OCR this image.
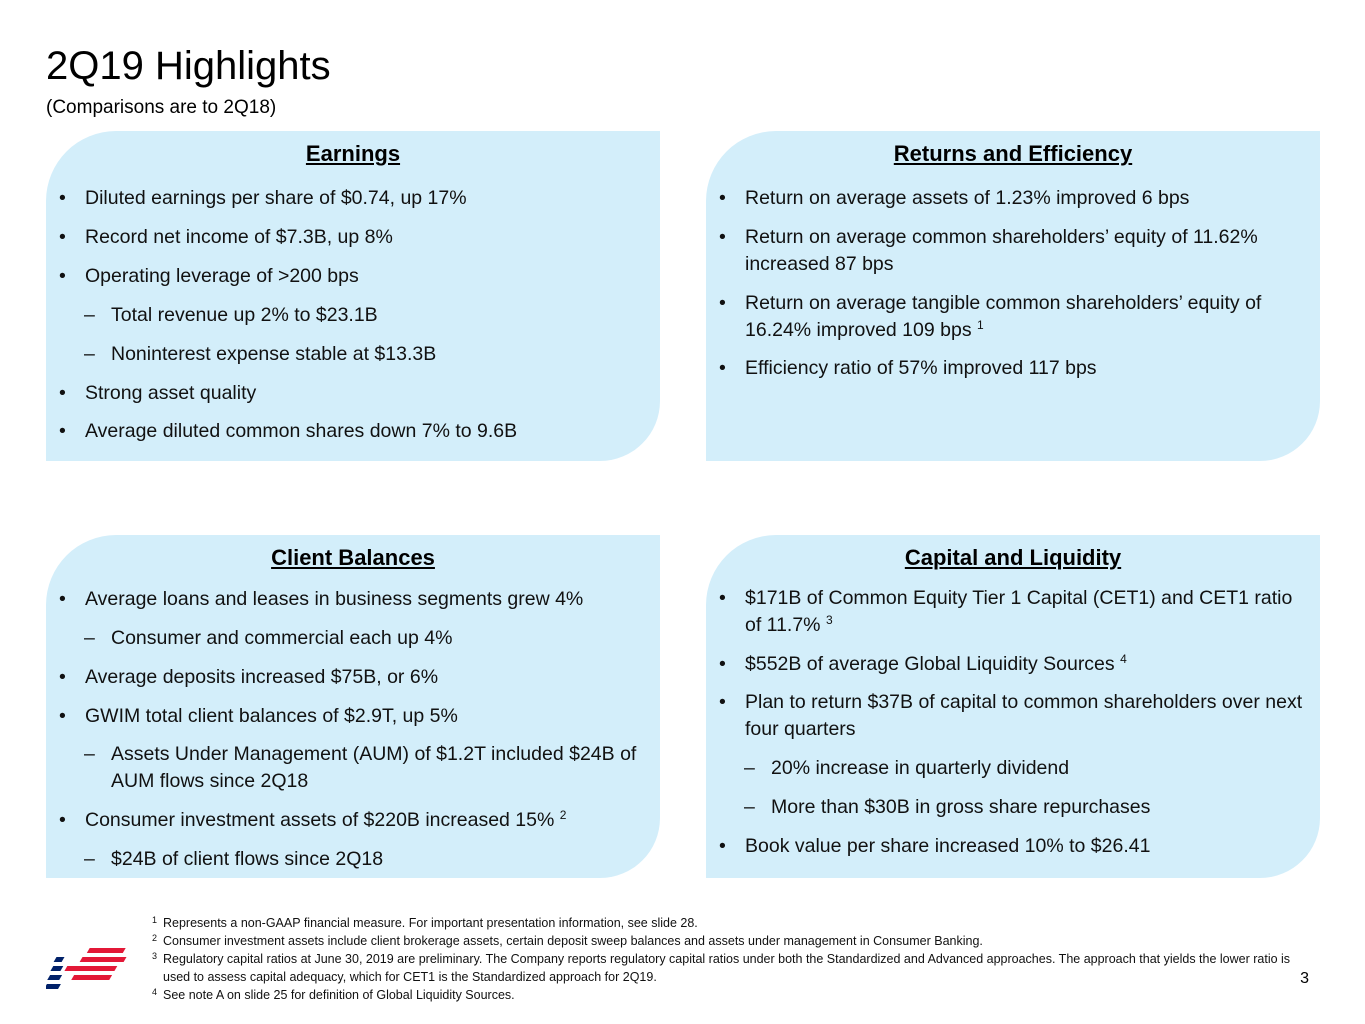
2Q19 Highlights
(Comparisons are to 2Q18)
Earnings
• Diluted earnings per share of $0.74, up 17%
• Record net income of $7.3B, up 8%
• Operating leverage of >200 bps
– Total revenue up 2% to $23.1B
– Noninterest expense stable at $13.3B
• Strong asset quality
• Average diluted common shares down 7% to 9.6B
Returns and Efficiency
• Return on average assets of 1.23% improved 6 bps
• Return on average common shareholders’ equity of 11.62% increased 87 bps
• Return on average tangible common shareholders’ equity of 16.24% improved 109 bps $^1$
• Efficiency ratio of 57% improved 117 bps
Client Balances
• Average loans and leases in business segments grew 4%
– Consumer and commercial each up 4%
• Average deposits increased $75B, or 6%
• GWIM total client balances of $2.9T, up 5%
– Assets Under Management (AUM) of $1.2T included $24B of AUM flows since 2Q18
• Consumer investment assets of $220B increased 15% $^2$
– $24B of client flows since 2Q18
Capital and Liquidity
• $171B of Common Equity Tier 1 Capital (CET1) and CET1 ratio of 11.7% $^3$
• $552B of average Global Liquidity Sources $^4$
• Plan to return $37B of capital to common shareholders over next four quarters
– 20% increase in quarterly dividend
– More than $30B in gross share repurchases
• Book value per share increased 10% to $26.41
1 Represents a non-GAAP financial measure. For important presentation information, see slide 28.
2 Consumer investment assets include client brokerage assets, certain deposit sweep balances and assets under management in Consumer Banking.
3 Regulatory capital ratios at June 30, 2019 are preliminary. The Company reports regulatory capital ratios under both the Standardized and Advanced approaches. The approach that yields the lower ratio is used to assess capital adequacy, which for CET1 is the Standardized approach for 2Q19.
4 See note A on slide 25 for definition of Global Liquidity Sources.
3
